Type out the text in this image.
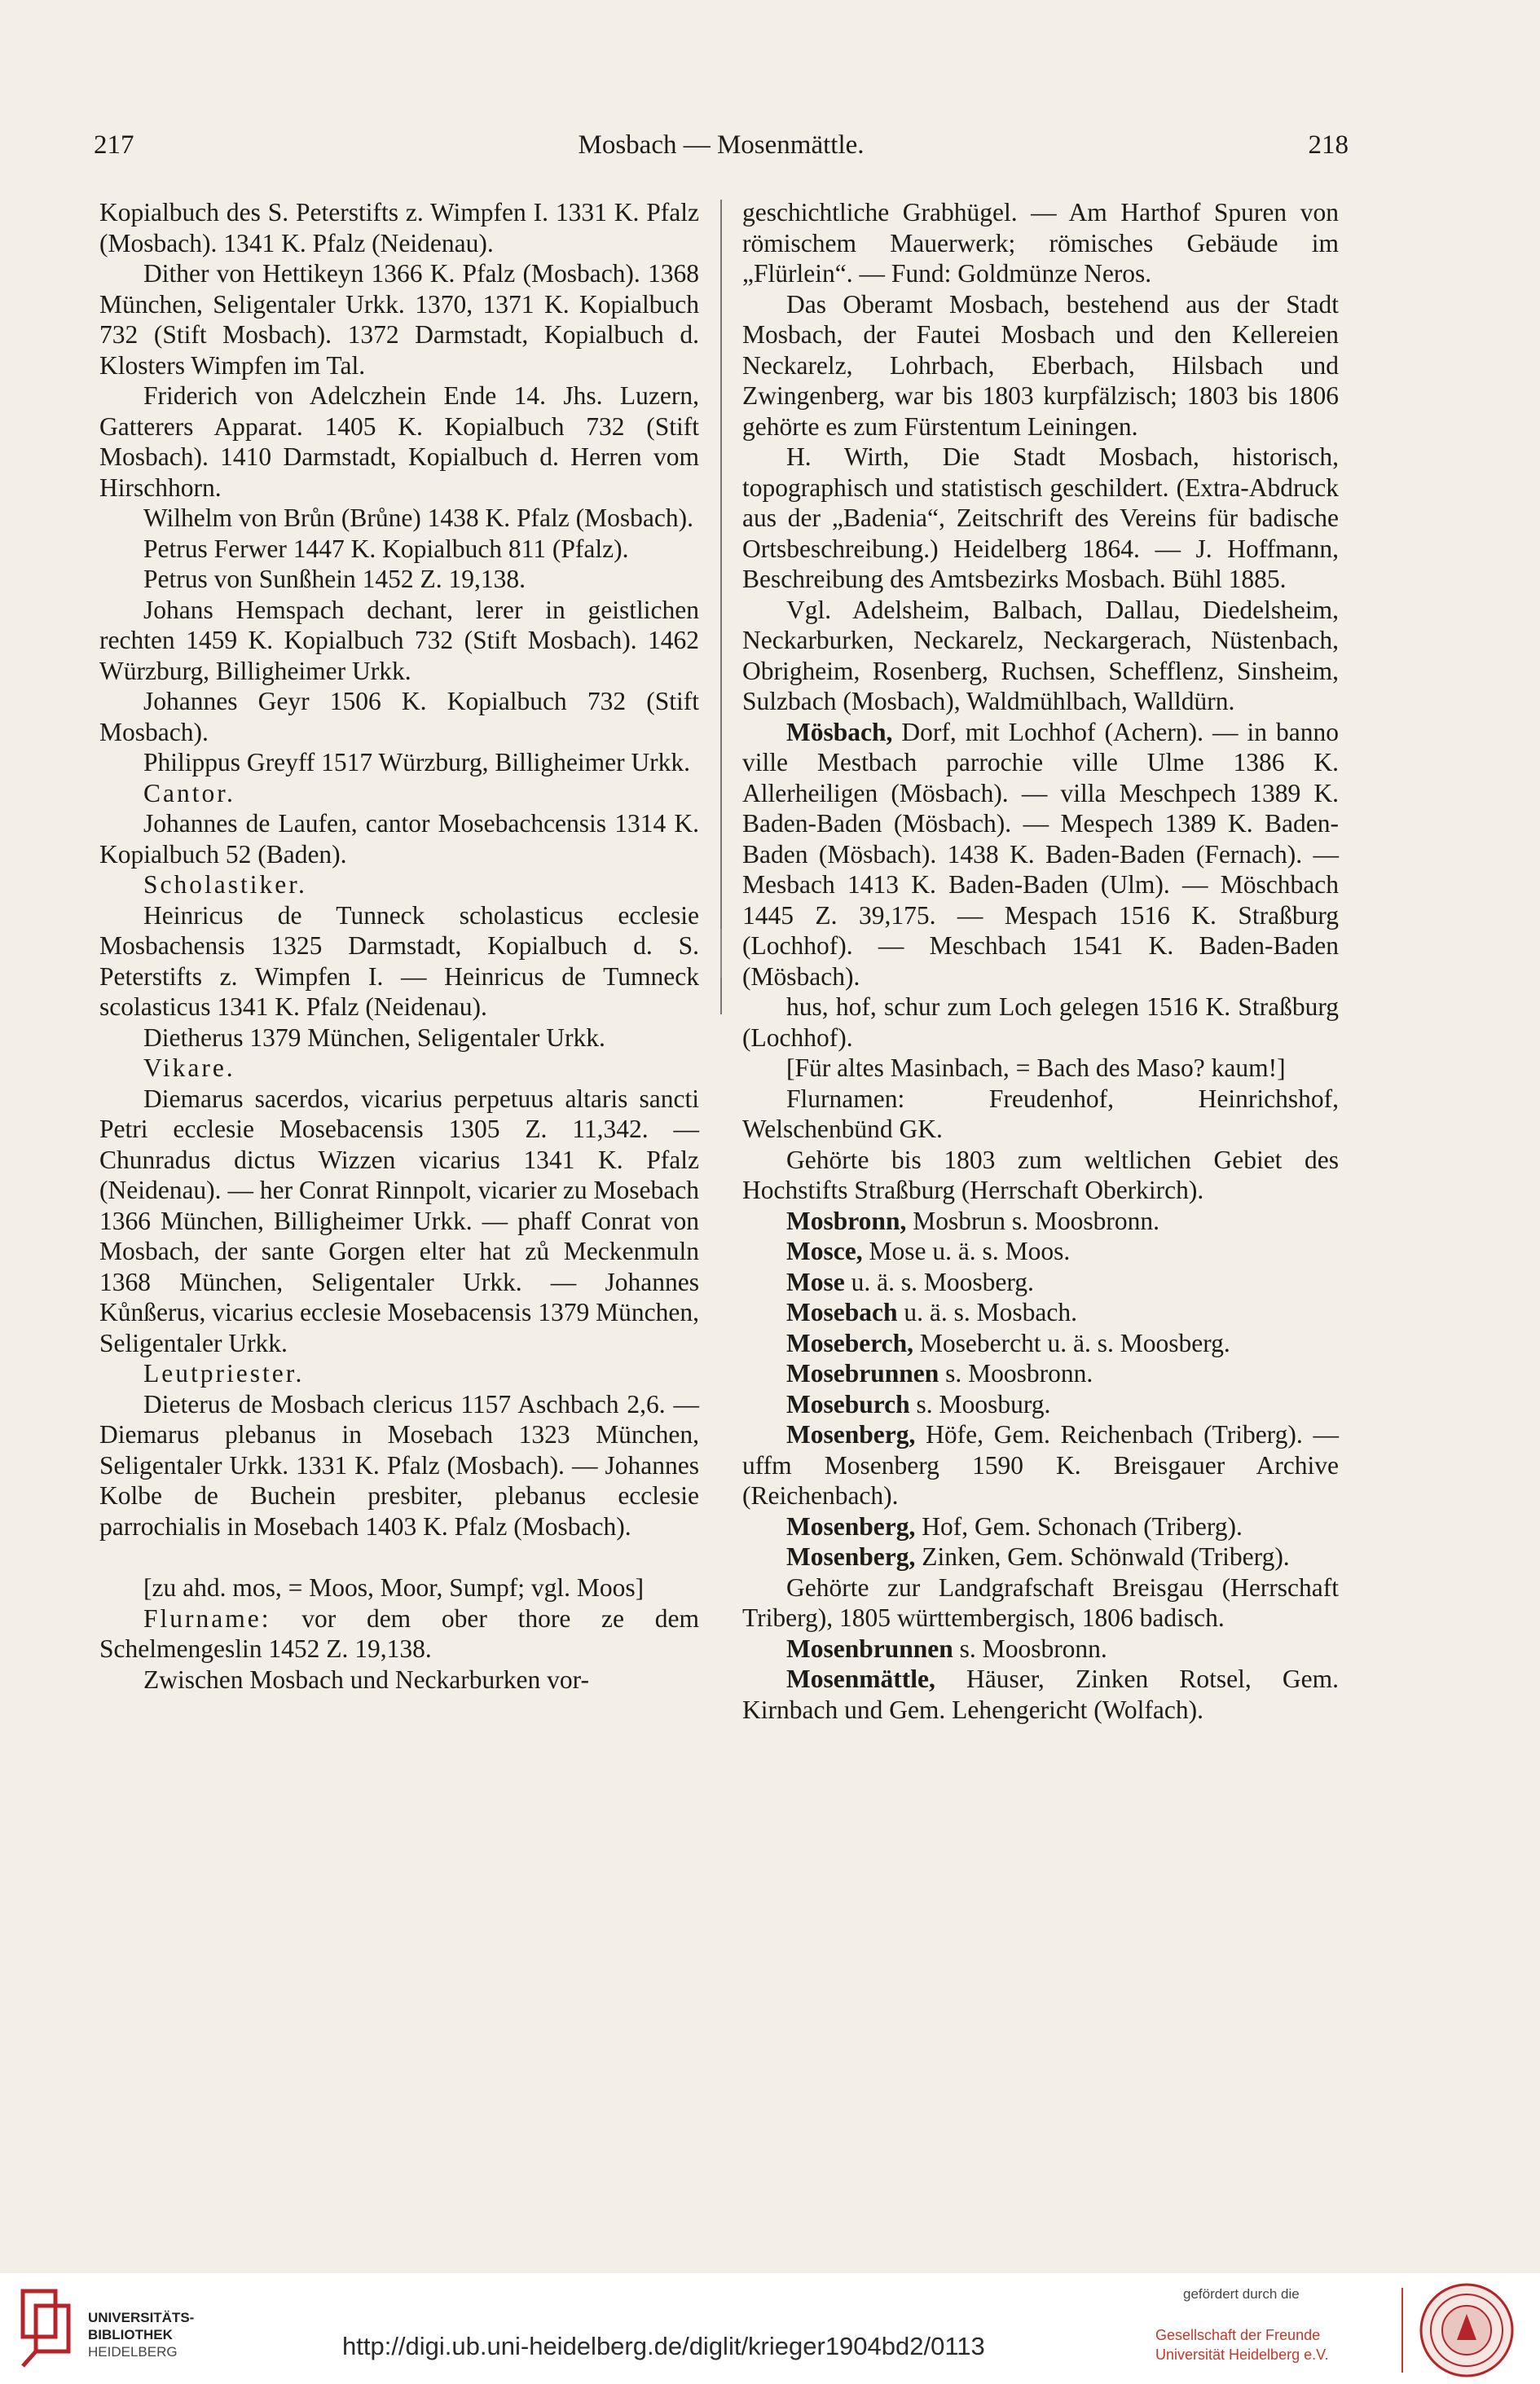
217	Mosbach — Mosenmättle.	218

Kopialbuch des S. Peterstifts z. Wimpfen I. 1331 K. Pfalz (Mosbach). 1341 K. Pfalz (Neidenau).

Dither von Hettikeyn 1366 K. Pfalz (Mosbach). 1368 München, Seligentaler Urkk. 1370, 1371 K. Kopialbuch 732 (Stift Mosbach). 1372 Darmstadt, Kopialbuch d. Klosters Wimpfen im Tal.

Friderich von Adelczhein Ende 14. Jhs. Luzern, Gatterers Apparat. 1405 K. Kopialbuch 732 (Stift Mosbach). 1410 Darmstadt, Kopialbuch d. Herren vom Hirschhorn.

Wilhelm von Brůn (Brůne) 1438 K. Pfalz (Mosbach).

Petrus Ferwer 1447 K. Kopialbuch 811 (Pfalz).

Petrus von Sunßhein 1452 Z. 19,138.

Johans Hemspach dechant, lerer in geistlichen rechten 1459 K. Kopialbuch 732 (Stift Mosbach). 1462 Würzburg, Billigheimer Urkk.

Johannes Geyr 1506 K. Kopialbuch 732 (Stift Mosbach).

Philippus Greyff 1517 Würzburg, Billigheimer Urkk.

Cantor.

Johannes de Laufen, cantor Mosebachcensis 1314 K. Kopialbuch 52 (Baden).

Scholastiker.

Heinricus de Tunneck scholasticus ecclesie Mosbachensis 1325 Darmstadt, Kopialbuch d. S. Peterstifts z. Wimpfen I. — Heinricus de Tumneck scolasticus 1341 K. Pfalz (Neidenau).

Dietherus 1379 München, Seligentaler Urkk.

Vikare.

Diemarus sacerdos, vicarius perpetuus altaris sancti Petri ecclesie Mosebacensis 1305 Z. 11,342. — Chunradus dictus Wizzen vicarius 1341 K. Pfalz (Neidenau). — her Conrat Rinnpolt, vicarier zu Mosebach 1366 München, Billigheimer Urkk. — phaff Conrat von Mosbach, der sante Gorgen elter hat zů Meckenmuln 1368 München, Seligentaler Urkk. — Johannes Kůnßerus, vicarius ecclesie Mosebacensis 1379 München, Seligentaler Urkk.

Leutpriester.

Dieterus de Mosbach clericus 1157 Aschbach 2,6. — Diemarus plebanus in Mosebach 1323 München, Seligentaler Urkk. 1331 K. Pfalz (Mosbach). — Johannes Kolbe de Buchein presbiter, plebanus ecclesie parrochialis in Mosebach 1403 K. Pfalz (Mosbach).

[zu ahd. mos, = Moos, Moor, Sumpf; vgl. Moos]

Flurname: vor dem ober thore ze dem Schelmengeslin 1452 Z. 19,138.

Zwischen Mosbach und Neckarburken vor-

geschichtliche Grabhügel. — Am Harthof Spuren von römischem Mauerwerk; römisches Gebäude im „Flürlein“. — Fund: Goldmünze Neros.

Das Oberamt Mosbach, bestehend aus der Stadt Mosbach, der Fautei Mosbach und den Kellereien Neckarelz, Lohrbach, Eberbach, Hilsbach und Zwingenberg, war bis 1803 kurpfälzisch; 1803 bis 1806 gehörte es zum Fürstentum Leiningen.

H. Wirth, Die Stadt Mosbach, historisch, topographisch und statistisch geschildert. (Extra-Abdruck aus der „Badenia“, Zeitschrift des Vereins für badische Ortsbeschreibung.) Heidelberg 1864. — J. Hoffmann, Beschreibung des Amtsbezirks Mosbach. Bühl 1885.

Vgl. Adelsheim, Balbach, Dallau, Diedelsheim, Neckarburken, Neckarelz, Neckargerach, Nüstenbach, Obrigheim, Rosenberg, Ruchsen, Schefflenz, Sinsheim, Sulzbach (Mosbach), Waldmühlbach, Walldürn.

Mösbach, Dorf, mit Lochhof (Achern). — in banno ville Mestbach parrochie ville Ulme 1386 K. Allerheiligen (Mösbach). — villa Meschpech 1389 K. Baden-Baden (Mösbach). — Mespech 1389 K. Baden-Baden (Mösbach). 1438 K. Baden-Baden (Fernach). — Mesbach 1413 K. Baden-Baden (Ulm). — Möschbach 1445 Z. 39,175. — Mespach 1516 K. Straßburg (Lochhof). — Meschbach 1541 K. Baden-Baden (Mösbach).

hus, hof, schur zum Loch gelegen 1516 K. Straßburg (Lochhof).

[Für altes Masinbach, = Bach des Maso? kaum!]

Flurnamen: Freudenhof, Heinrichshof, Welschenbünd GK.

Gehörte bis 1803 zum weltlichen Gebiet des Hochstifts Straßburg (Herrschaft Oberkirch).

Mosbronn, Mosbrun s. Moosbronn.

Mosce, Mose u. ä. s. Moos.

Mose u. ä. s. Moosberg.

Mosebach u. ä. s. Mosbach.

Moseberch, Mosebercht u. ä. s. Moosberg.

Mosebrunnen s. Moosbronn.

Moseburch s. Moosburg.

Mosenberg, Höfe, Gem. Reichenbach (Triberg). — uffm Mosenberg 1590 K. Breisgauer Archive (Reichenbach).

Mosenberg, Hof, Gem. Schonach (Triberg).

Mosenberg, Zinken, Gem. Schönwald (Triberg).

Gehörte zur Landgrafschaft Breisgau (Herrschaft Triberg), 1805 württembergisch, 1806 badisch.

Mosenbrunnen s. Moosbronn.

Mosenmättle, Häuser, Zinken Rotsel, Gem. Kirnbach und Gem. Lehengericht (Wolfach).

UNIVERSITÄTS-
BIBLIOTHEK
HEIDELBERG
gefördert durch die
Gesellschaft der Freunde
Universität Heidelberg e.V.
http://digi.ub.uni-heidelberg.de/diglit/krieger1904bd2/0113
